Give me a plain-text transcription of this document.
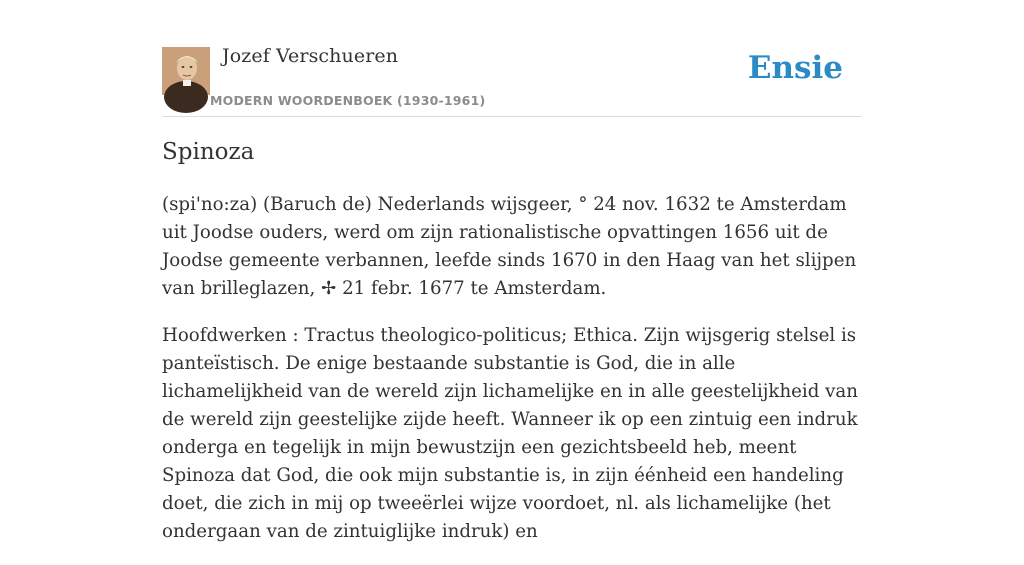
Jozef Verschueren
MODERN WOORDENBOEK (1930-1961)
Ensie
Spinoza

(spi'no:za) (Baruch de) Nederlands wijsgeer, ° 24 nov. 1632 te Amsterdam uit Joodse ouders, werd om zijn rationalistische opvattingen 1656 uit de Joodse gemeente verbannen, leefde sinds 1670 in den Haag van het slijpen van brilleglazen, ✢ 21 febr. 1677 te Amsterdam.

Hoofdwerken : Tractus theologico-politicus; Ethica. Zijn wijsgerig stelsel is panteïstisch. De enige bestaande substantie is God, die in alle lichamelijkheid van de wereld zijn lichamelijke en in alle geestelijkheid van de wereld zijn geestelijke zijde heeft. Wanneer ik op een zintuig een indruk onderga en tegelijk in mijn bewustzijn een gezichtsbeeld heb, meent Spinoza dat God, die ook mijn substantie is, in zijn éénheid een handeling doet, die zich in mij op tweeërlei wijze voordoet, nl. als lichamelijke (het ondergaan van de zintuiglijke indruk) en
